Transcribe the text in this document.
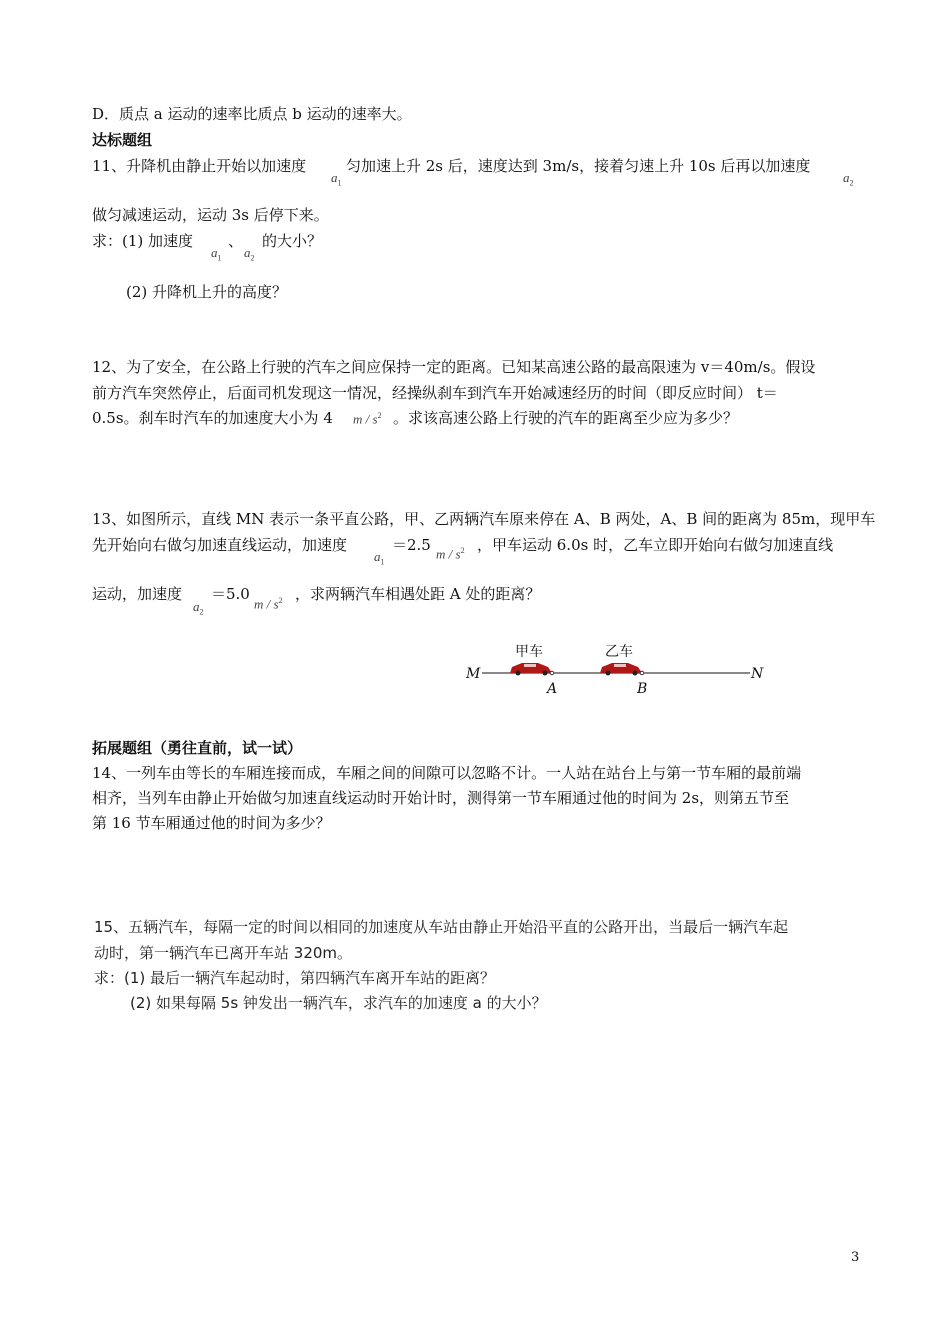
D．质点 a 运动的速率比质点 b 运动的速率大。
达标题组
11、升降机由静止开始以加速度
$a_1$
匀加速上升 2s 后，速度达到 3m/s，接着匀速上升 10s 后再以加速度
$a_2$
做匀减速运动，运动 3s 后停下来。
求：(1) 加速度
$a_1$
、
$a_2$
的大小？
(2) 升降机上升的高度？
12、为了安全，在公路上行驶的汽车之间应保持一定的距离。已知某高速公路的最高限速为 v＝40m/s。假设
前方汽车突然停止，后面司机发现这一情况，经操纵刹车到汽车开始减速经历的时间（即反应时间） t＝
0.5s。刹车时汽车的加速度大小为 4 m / $s^2$ 。求该高速公路上行驶的汽车的距离至少应为多少？
13、如图所示，直线 MN 表示一条平直公路，甲、乙两辆汽车原来停在 A、B 两处，A、B 间的距离为 85m，现甲车
先开始向右做匀加速直线运动，加速度
$a_1$
＝2.5 m / $s^2$ ，甲车运动 6.0s 时，乙车立即开始向右做匀加速直线
运动，加速度
$a_2$
＝5.0
m / $s^2$ ，求两辆汽车相遇处距 A 处的距离？
甲车	乙车
M	N
A	B
拓展题组（勇往直前，试一试）
14、一列车由等长的车厢连接而成，车厢之间的间隙可以忽略不计。一人站在站台上与第一节车厢的最前端
相齐，当列车由静止开始做匀加速直线运动时开始计时，测得第一节车厢通过他的时间为 2s，则第五节至
第 16 节车厢通过他的时间为多少？
15、五辆汽车，每隔一定的时间以相同的加速度从车站由静止开始沿平直的公路开出，当最后一辆汽车起
动时，第一辆汽车已离开车站 320m。
求：(1) 最后一辆汽车起动时，第四辆汽车离开车站的距离？
(2) 如果每隔 5s 钟发出一辆汽车，求汽车的加速度 a 的大小？
3
